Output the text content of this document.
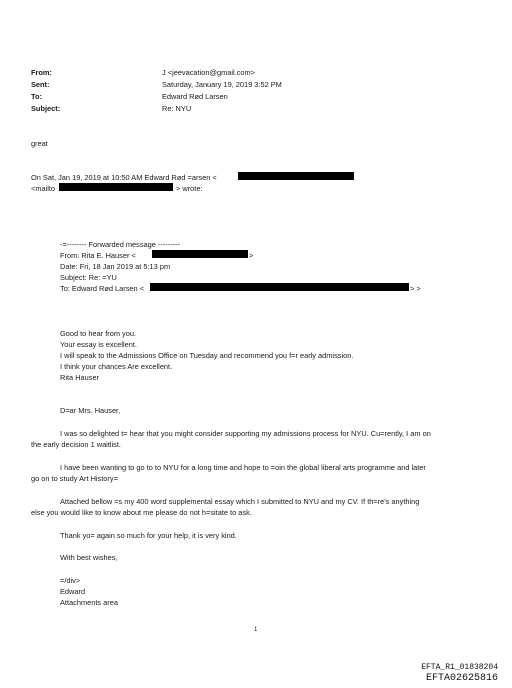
From:	J <jeevacation@gmail.com>
Sent:	Saturday, January 19, 2019 3:52 PM
To:	Edward Rød Larsen
Subject:	Re: NYU
great
On Sat, Jan 19, 2019 at 10:50 AM Edward Rød =arsen <
<mailto	> wrote:
-=-------- Forwarded message ---------
From: Rita E. Hauser <	>
Date: Fri, 18 Jan 2019 at 5:13 pm
Subject: Re: =YU
To: Edward Rød Larsen <	> >
Good to hear from you.
Your essay is excellent.
I will speak to the Admissions Office on Tuesday and recommend you f=r early admission.
I think your chances Are excellent.
Rita Hauser
D=ar Mrs. Hauser,
I was so delighted t= hear that you might consider supporting my admissions process for NYU. Cu=rently, I am on
the early decision 1 waitlist.
I have been wanting to go to to NYU for a long time and hope to =oin the global liberal arts programme and later
go on to study Art History=
Attached bellow =s my 400 word supplemental essay which I submitted to NYU and my CV. If th=re's anything
else you would like to know about me please do not h=sitate to ask.
Thank yo= again so much for your help, it is very kind.
With best wishes,
=/div>
Edward
Attachments area
1
EFTA_R1_01838204
EFTA02625816
